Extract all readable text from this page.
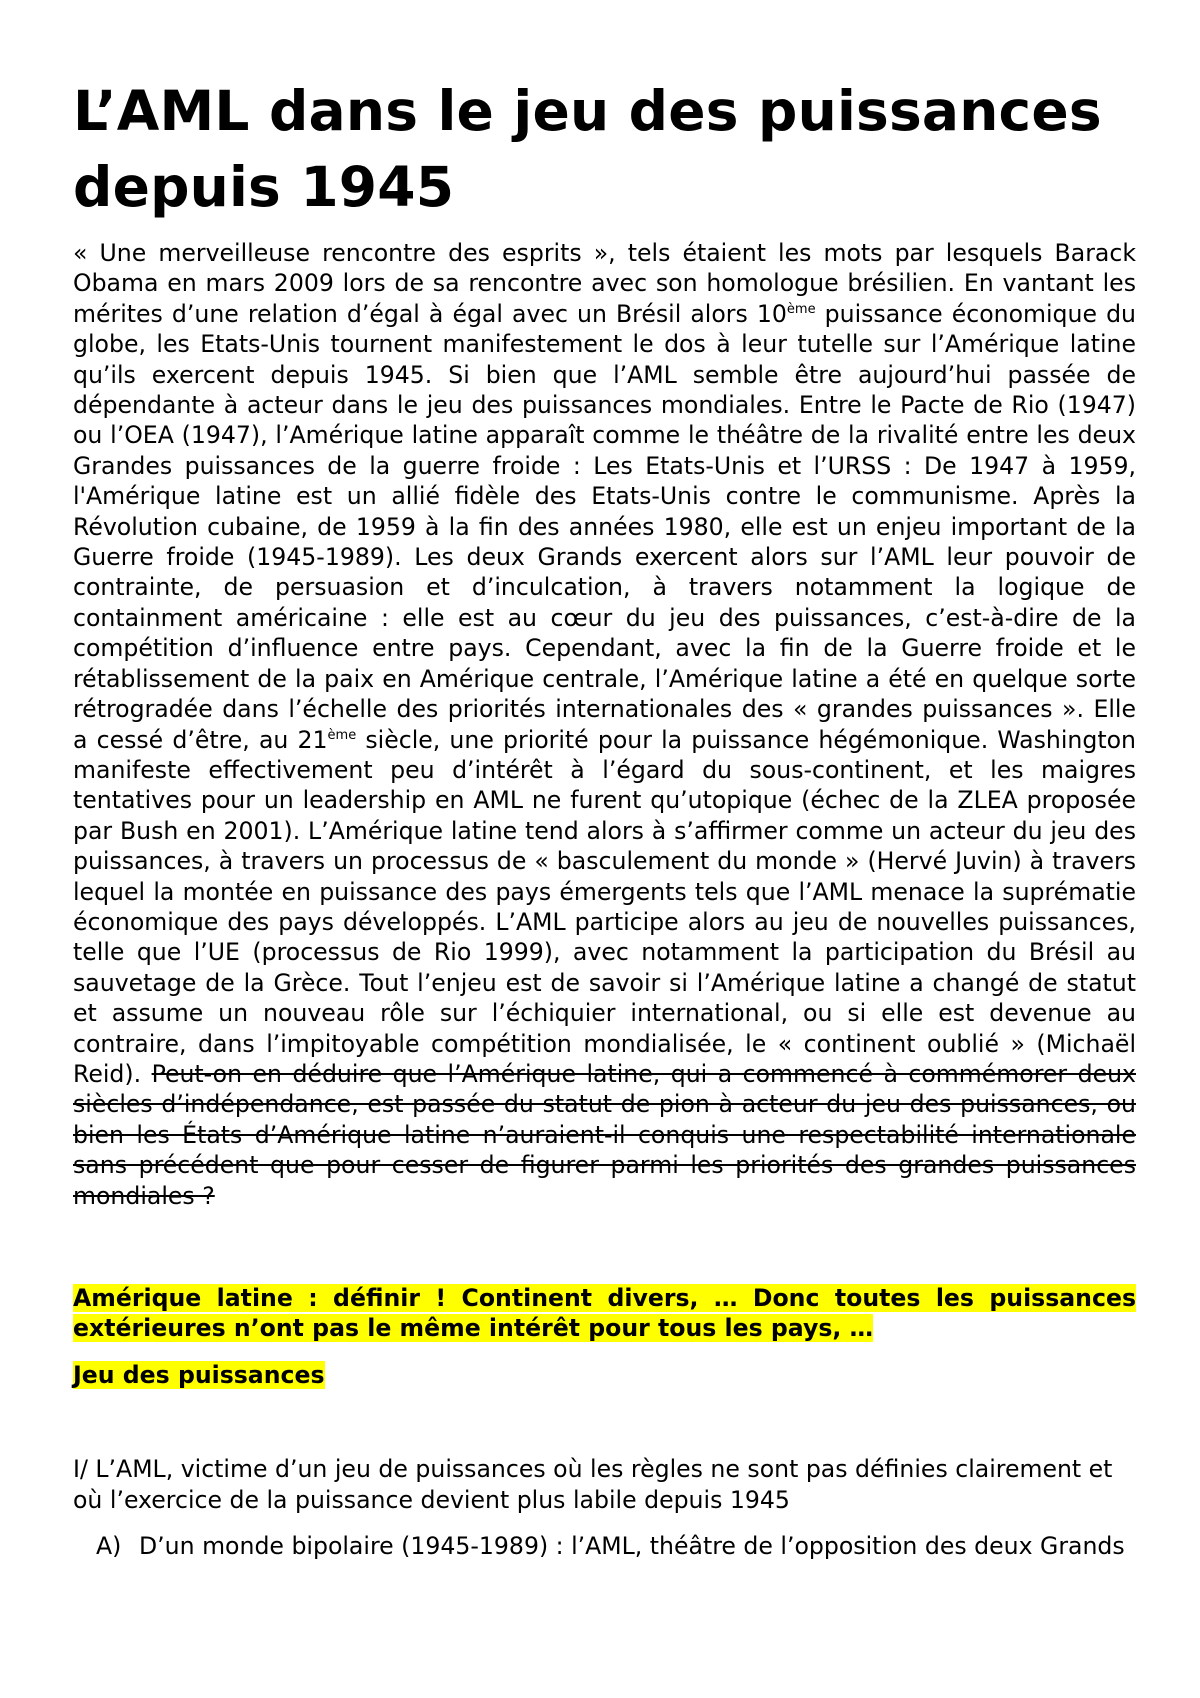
L’AML dans le jeu des puissances depuis 1945

« Une merveilleuse rencontre des esprits », tels étaient les mots par lesquels Barack Obama en mars 2009 lors de sa rencontre avec son homologue brésilien. En vantant les mérites d’une relation d’égal à égal avec un Brésil alors 10ème puissance économique du globe, les Etats-Unis tournent manifestement le dos à leur tutelle sur l’Amérique latine qu’ils exercent depuis 1945. Si bien que l’AML semble être aujourd’hui passée de dépendante à acteur dans le jeu des puissances mondiales. Entre le Pacte de Rio (1947) ou l’OEA (1947), l’Amérique latine apparaît comme le théâtre de la rivalité entre les deux Grandes puissances de la guerre froide : Les Etats-Unis et l’URSS : De 1947 à 1959, l'Amérique latine est un allié fidèle des Etats-Unis contre le communisme. Après la Révolution cubaine, de 1959 à la fin des années 1980, elle est un enjeu important de la Guerre froide (1945-1989). Les deux Grands exercent alors sur l’AML leur pouvoir de contrainte, de persuasion et d’inculcation, à travers notamment la logique de containment américaine : elle est au cœur du jeu des puissances, c’est-à-dire de la compétition d’influence entre pays. Cependant, avec la fin de la Guerre froide et le rétablissement de la paix en Amérique centrale, l’Amérique latine a été en quelque sorte rétrogradée dans l’échelle des priorités internationales des « grandes puissances ». Elle a cessé d’être, au 21ème siècle, une priorité pour la puissance hégémonique. Washington manifeste effectivement peu d’intérêt à l’égard du sous-continent, et les maigres tentatives pour un leadership en AML ne furent qu’utopique (échec de la ZLEA proposée par Bush en 2001). L’Amérique latine tend alors à s’affirmer comme un acteur du jeu des puissances, à travers un processus de « basculement du monde » (Hervé Juvin) à travers lequel la montée en puissance des pays émergents tels que l’AML menace la suprématie économique des pays développés. L’AML participe alors au jeu de nouvelles puissances, telle que l’UE (processus de Rio 1999), avec notamment la participation du Brésil au sauvetage de la Grèce. Tout l’enjeu est de savoir si l’Amérique latine a changé de statut et assume un nouveau rôle sur l’échiquier international, ou si elle est devenue au contraire, dans l’impitoyable compétition mondialisée, le « continent oublié » (Michaël Reid). Peut-on en déduire que l’Amérique latine, qui a commencé à commémorer deux siècles d’indépendance, est passée du statut de pion à acteur du jeu des puissances, ou bien les États d’Amérique latine n’auraient-il conquis une respectabilité internationale sans précédent que pour cesser de figurer parmi les priorités des grandes puissances mondiales ?

Amérique latine : définir ! Continent divers, … Donc toutes les puissances extérieures n’ont pas le même intérêt pour tous les pays, …

Jeu des puissances

I/ L’AML, victime d’un jeu de puissances où les règles ne sont pas définies clairement et où l’exercice de la puissance devient plus labile depuis 1945

A) D’un monde bipolaire (1945-1989) : l’AML, théâtre de l’opposition des deux Grands
